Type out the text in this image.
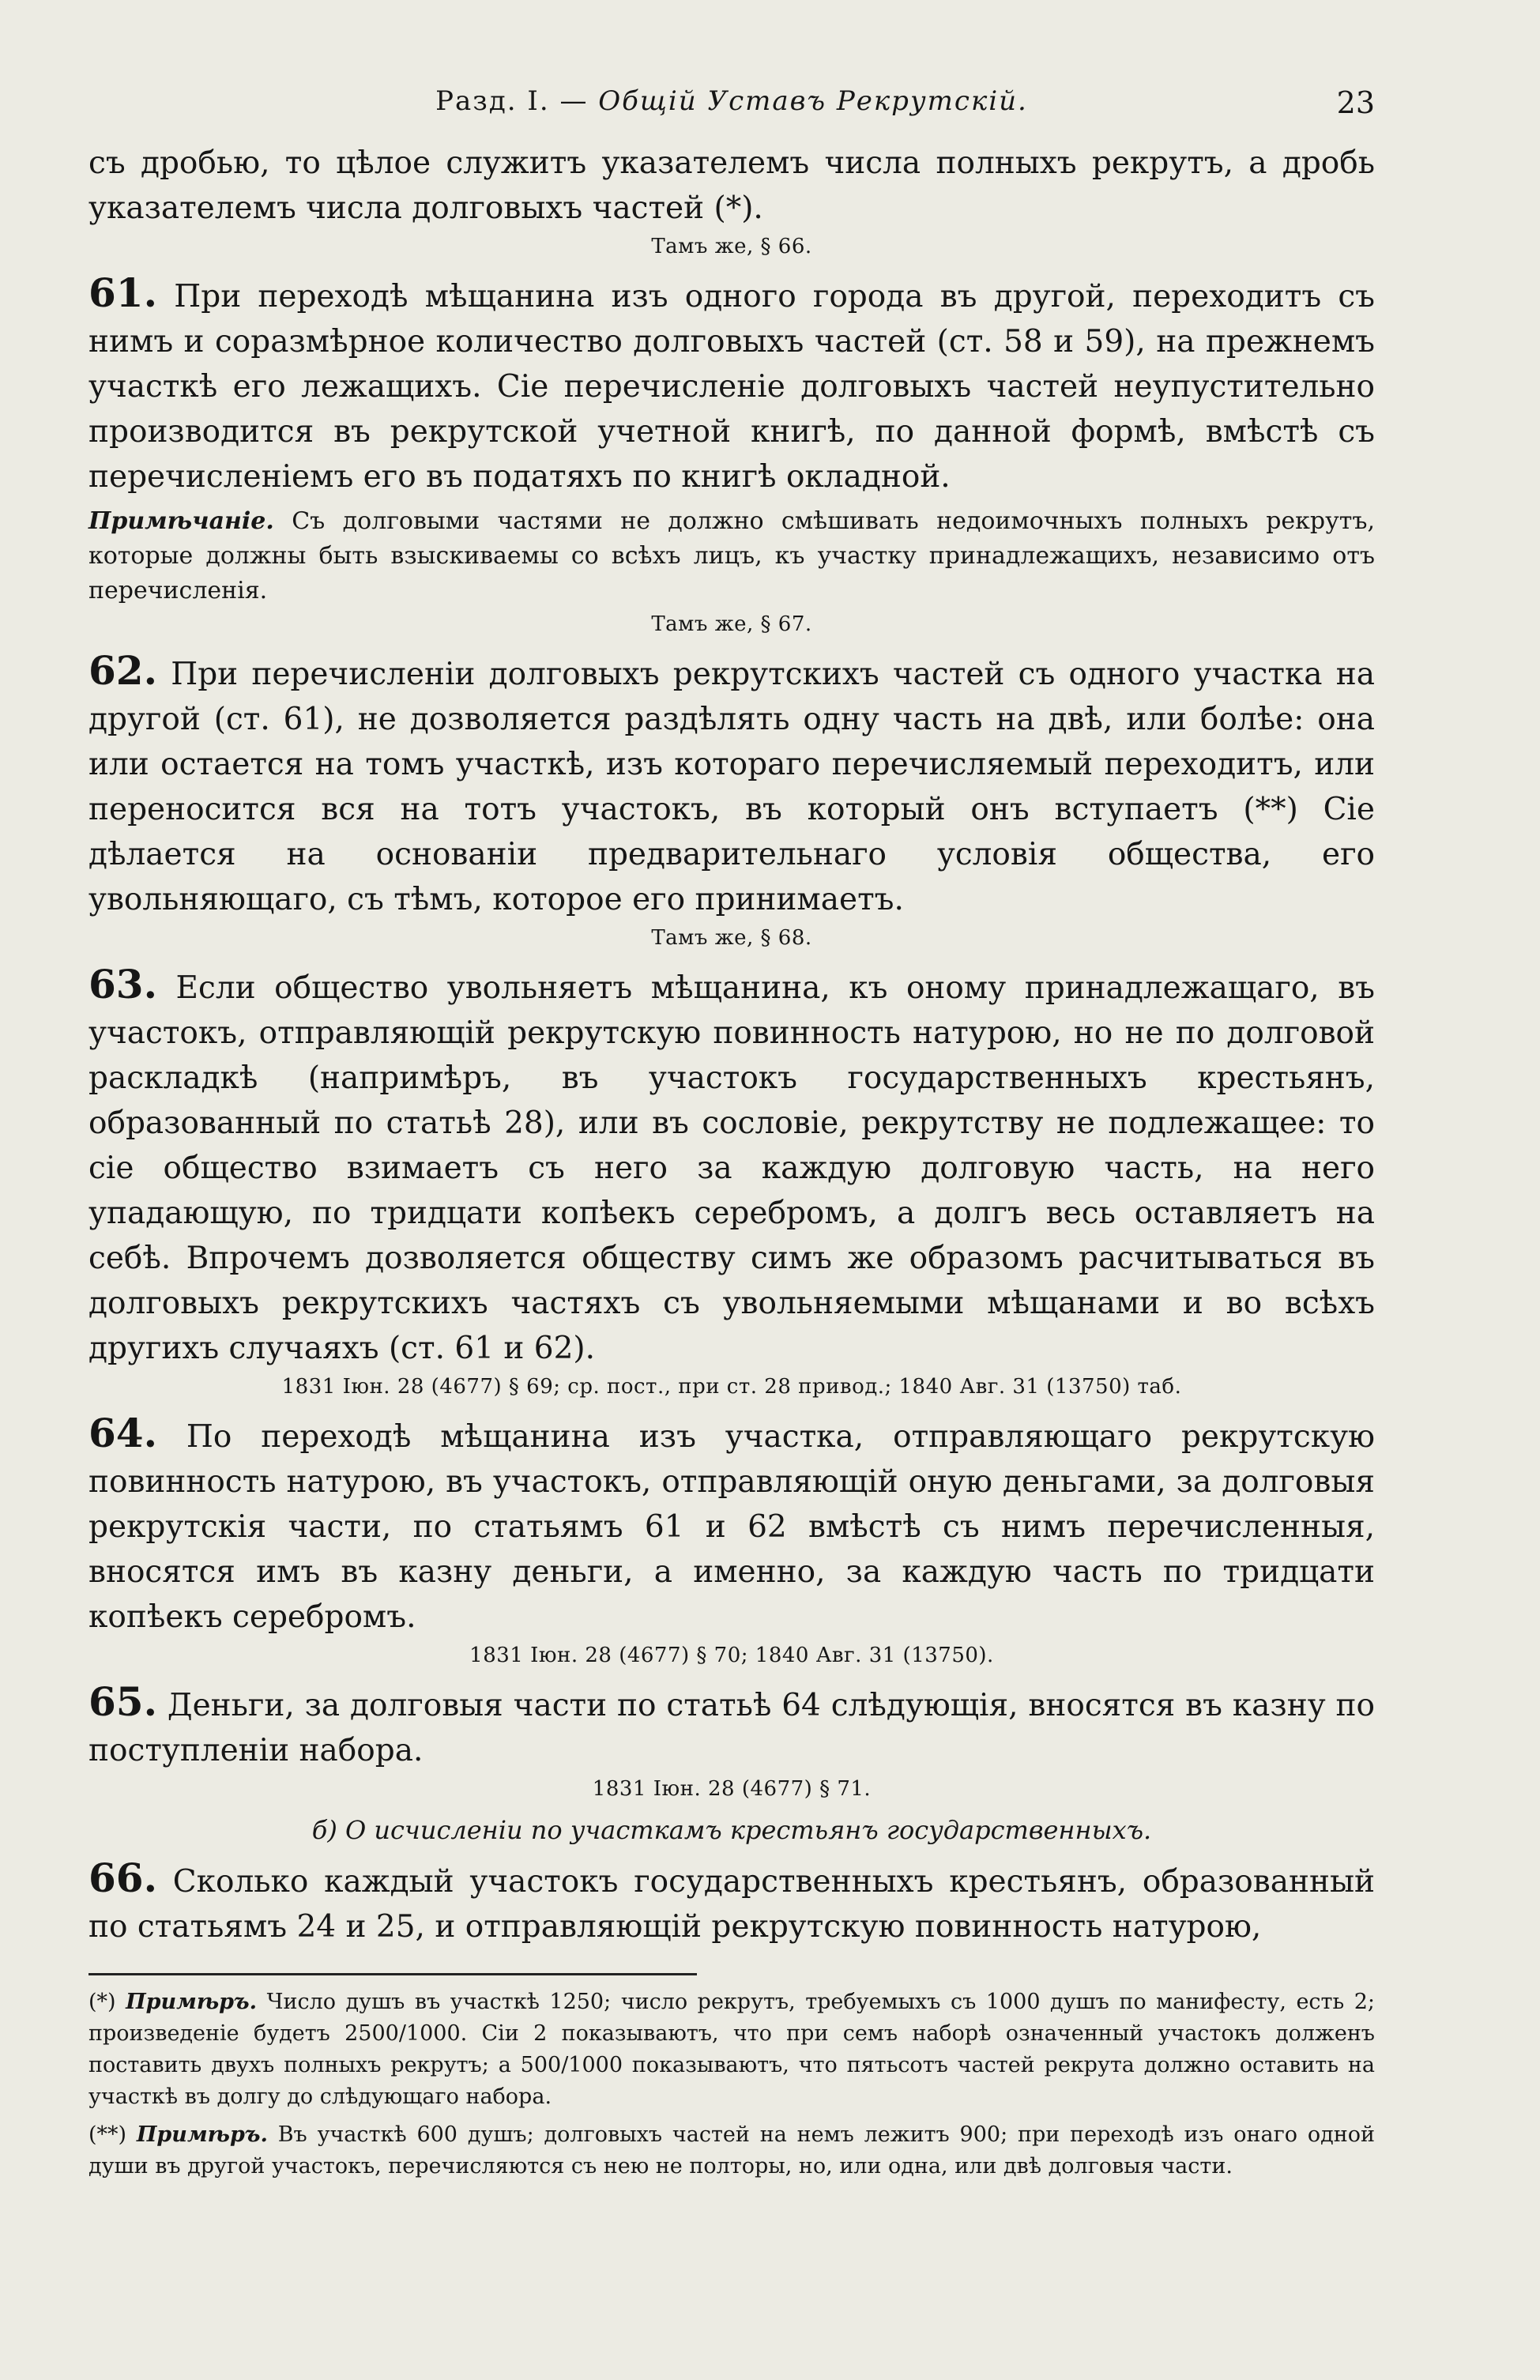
Разд. I. — Общій Уставъ Рекрутскій.	23

съ дробью, то цѣлое служитъ указателемъ числа полныхъ рекрутъ, а дробь указателемъ числа долговыхъ частей (*).

Тамъ же, § 66.

61. При переходѣ мѣщанина изъ одного города въ другой, переходитъ съ нимъ и соразмѣрное количество долговыхъ частей (ст. 58 и 59), на прежнемъ участкѣ его лежащихъ. Сіе перечисленіе долговыхъ частей неупустительно производится въ рекрутской учетной книгѣ, по данной формѣ, вмѣстѣ съ перечисленіемъ его въ податяхъ по книгѣ окладной.

Примѣчаніе. Съ долговыми частями не должно смѣшивать недоимочныхъ полныхъ рекрутъ, которые должны быть взыскиваемы со всѣхъ лицъ, къ участку принадлежащихъ, независимо отъ перечисленія.

Тамъ же, § 67.

62. При перечисленіи долговыхъ рекрутскихъ частей съ одного участка на другой (ст. 61), не дозволяется раздѣлять одну часть на двѣ, или болѣе: она или остается на томъ участкѣ, изъ котораго перечисляемый переходитъ, или переносится вся на тотъ участокъ, въ который онъ вступаетъ (**) Сіе дѣлается на основаніи предварительнаго условія общества, его увольняющаго, съ тѣмъ, которое его принимаетъ.

Тамъ же, § 68.

63. Если общество увольняетъ мѣщанина, къ оному принадлежащаго, въ участокъ, отправляющій рекрутскую повинность натурою, но не по долговой раскладкѣ (напримѣръ, въ участокъ государственныхъ крестьянъ, образованный по статьѣ 28), или въ сословіе, рекрутству не подлежащее: то сіе общество взимаетъ съ него за каждую долговую часть, на него упадающую, по тридцати копѣекъ серебромъ, а долгъ весь оставляетъ на себѣ. Впрочемъ дозволяется обществу симъ же образомъ расчитываться въ долговыхъ рекрутскихъ частяхъ съ увольняемыми мѣщанами и во всѣхъ другихъ случаяхъ (ст. 61 и 62).

1831 Іюн. 28 (4677) § 69; ср. пост., при ст. 28 привод.; 1840 Авг. 31 (13750) таб.

64. По переходѣ мѣщанина изъ участка, отправляющаго рекрутскую повинность натурою, въ участокъ, отправляющій оную деньгами, за долговыя рекрутскія части, по статьямъ 61 и 62 вмѣстѣ съ нимъ перечисленныя, вносятся имъ въ казну деньги, а именно, за каждую часть по тридцати копѣекъ серебромъ.

1831 Іюн. 28 (4677) § 70; 1840 Авг. 31 (13750).

65. Деньги, за долговыя части по статьѣ 64 слѣдующія, вносятся въ казну по поступленіи набора.

1831 Іюн. 28 (4677) § 71.

б) О исчисленіи по участкамъ крестьянъ государственныхъ.

66. Сколько каждый участокъ государственныхъ крестьянъ, образованный по статьямъ 24 и 25, и отправляющій рекрутскую повинность натурою,

(*) Примѣръ. Число душъ въ участкѣ 1250; число рекрутъ, требуемыхъ съ 1000 душъ по манифесту, есть 2; произведеніе будетъ 2500/1000. Сіи 2 показываютъ, что при семъ наборѣ означенный участокъ долженъ поставить двухъ полныхъ рекрутъ; а 500/1000 показываютъ, что пятьсотъ частей рекрута должно оставить на участкѣ въ долгу до слѣдующаго набора.

(**) Примѣръ. Въ участкѣ 600 душъ; долговыхъ частей на немъ лежитъ 900; при переходѣ изъ онаго одной души въ другой участокъ, перечисляются съ нею не полторы, но, или одна, или двѣ долговыя части.
